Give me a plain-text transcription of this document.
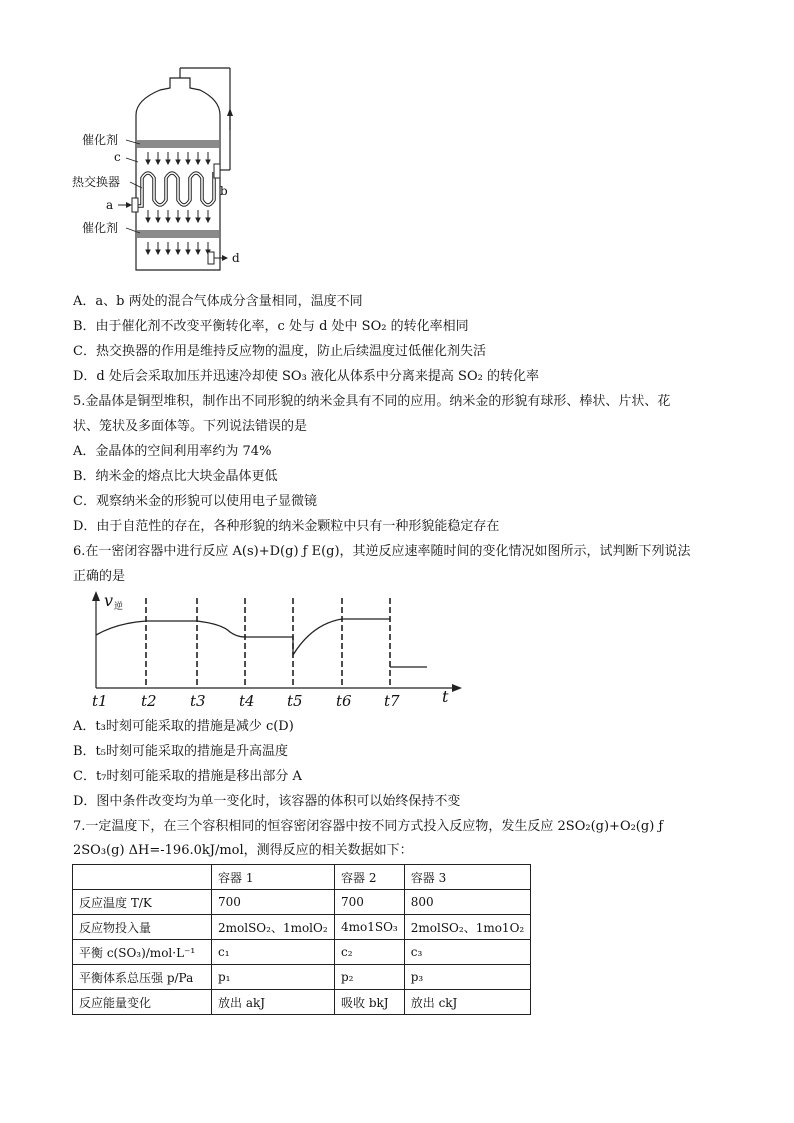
催化剂
c
热交换器
a
b
催化剂
d
A．a、b 两处的混合气体成分含量相同，温度不同
B．由于催化剂不改变平衡转化率，c 处与 d 处中 SO₂ 的转化率相同
C．热交换器的作用是维持反应物的温度，防止后续温度过低催化剂失活
D．d 处后会采取加压并迅速冷却使 SO₃ 液化从体系中分离来提高 SO₂ 的转化率
5.金晶体是铜型堆积，制作出不同形貌的纳米金具有不同的应用。纳米金的形貌有球形、棒状、片状、花
状、笼状及多面体等。下列说法错误的是
A．金晶体的空间利用率约为 74%
B．纳米金的熔点比大块金晶体更低
C．观察纳米金的形貌可以使用电子显微镜
D．由于自范性的存在，各种形貌的纳米金颗粒中只有一种形貌能稳定存在
6.在一密闭容器中进行反应 A(s)+D(g) ƒ E(g)，其逆反应速率随时间的变化情况如图所示，试判断下列说法
正确的是
v 逆
t
t1 t2 t3 t4 t5 t6 t7
A．t₃时刻可能采取的措施是减少 c(D)
B．t₅时刻可能采取的措施是升高温度
C．t₇时刻可能采取的措施是移出部分 A
D．图中条件改变均为单一变化时，该容器的体积可以始终保持不变
7.一定温度下，在三个容积相同的恒容密闭容器中按不同方式投入反应物，发生反应 2SO₂(g)+O₂(g) ƒ
2SO₃(g) ΔH=-196.0kJ/mol，测得反应的相关数据如下：
	容器 1	容器 2	容器 3
反应温度 T/K	700	700	800
反应物投入量	2molSO₂、1molO₂	4mo1SO₃	2molSO₂、1mo1O₂
平衡 c(SO₃)/mol·L⁻¹	c₁	c₂	c₃
平衡体系总压强 p/Pa	p₁	p₂	p₃
反应能量变化	放出 akJ	吸收 bkJ	放出 ckJ
